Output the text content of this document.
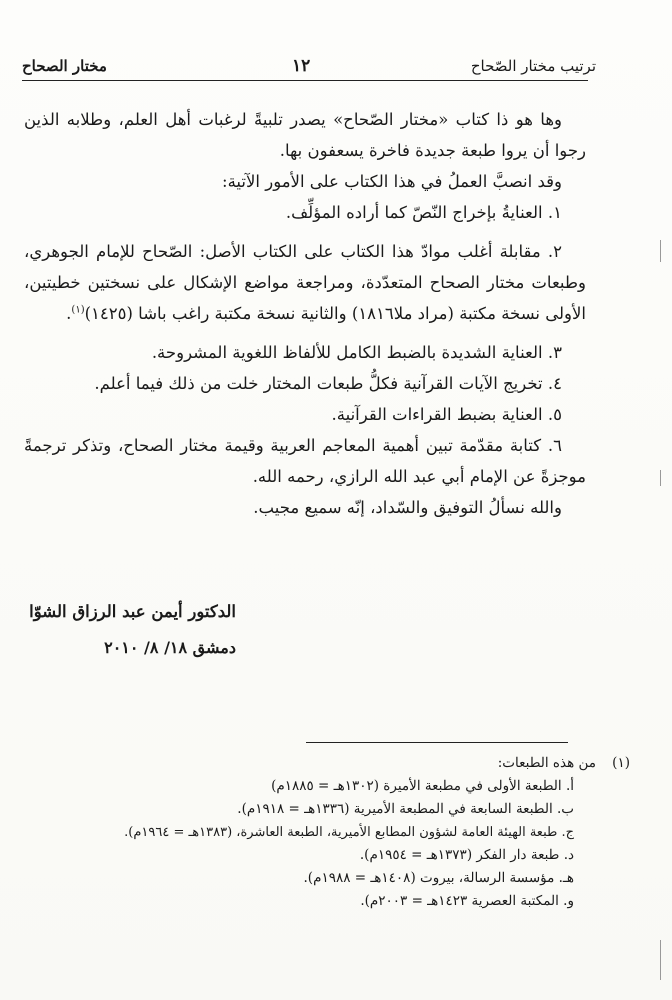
ترتيب مختار الصّحاح
١٢
مختار الصحاح

وها هو ذا كتاب «مختار الصّحاح» يصدر تلبيةً لرغبات أهل العلم، وطلابه الذين رجوا أن يروا طبعة جديدة فاخرة يسعفون بها.

وقد انصبَّ العملُ في هذا الكتاب على الأمور الآتية:

١. العنايةُ بإخراج النّصّ كما أراده المؤلِّف.

٢. مقابلة أغلب موادّ هذا الكتاب على الكتاب الأصل: الصّحاح للإمام الجوهري، وطبعات مختار الصحاح المتعدّدة، ومراجعة مواضع الإشكال على نسختين خطيتين، الأولى نسخة مكتبة (مراد ملا١٨١٦) والثانية نسخة مكتبة راغب باشا (١٤٢٥)$^{(١)}$.

٣. العناية الشديدة بالضبط الكامل للألفاظ اللغوية المشروحة.

٤. تخريج الآيات القرآنية فكلُّ طبعات المختار خلت من ذلك فيما أعلم.

٥. العناية بضبط القراءات القرآنية.

٦. كتابة مقدّمة تبين أهمية المعاجم العربية وقيمة مختار الصحاح، وتذكر ترجمةً موجزةً عن الإمام أبي عبد الله الرازي، رحمه الله.

والله نسألُ التوفيق والسّداد، إنّه سميع مجيب.

الدكتور أيمن عبد الرزاق الشوّا
دمشق ١٨/ ٨/ ٢٠١٠
(١)
من هذه الطبعات:
أ. الطبعة الأولى في مطبعة الأميرة (١٣٠٢هـ = ١٨٨٥م)
ب. الطبعة السابعة في المطبعة الأميرية (١٣٣٦هـ = ١٩١٨م).
ج. طبعة الهيئة العامة لشؤون المطابع الأميرية، الطبعة العاشرة، (١٣٨٣هـ = ١٩٦٤م).
د. طبعة دار الفكر (١٣٧٣هـ = ١٩٥٤م).
هـ. مؤسسة الرسالة، بيروت (١٤٠٨هـ = ١٩٨٨م).
و. المكتبة العصرية ١٤٢٣هـ = ٢٠٠٣م).
